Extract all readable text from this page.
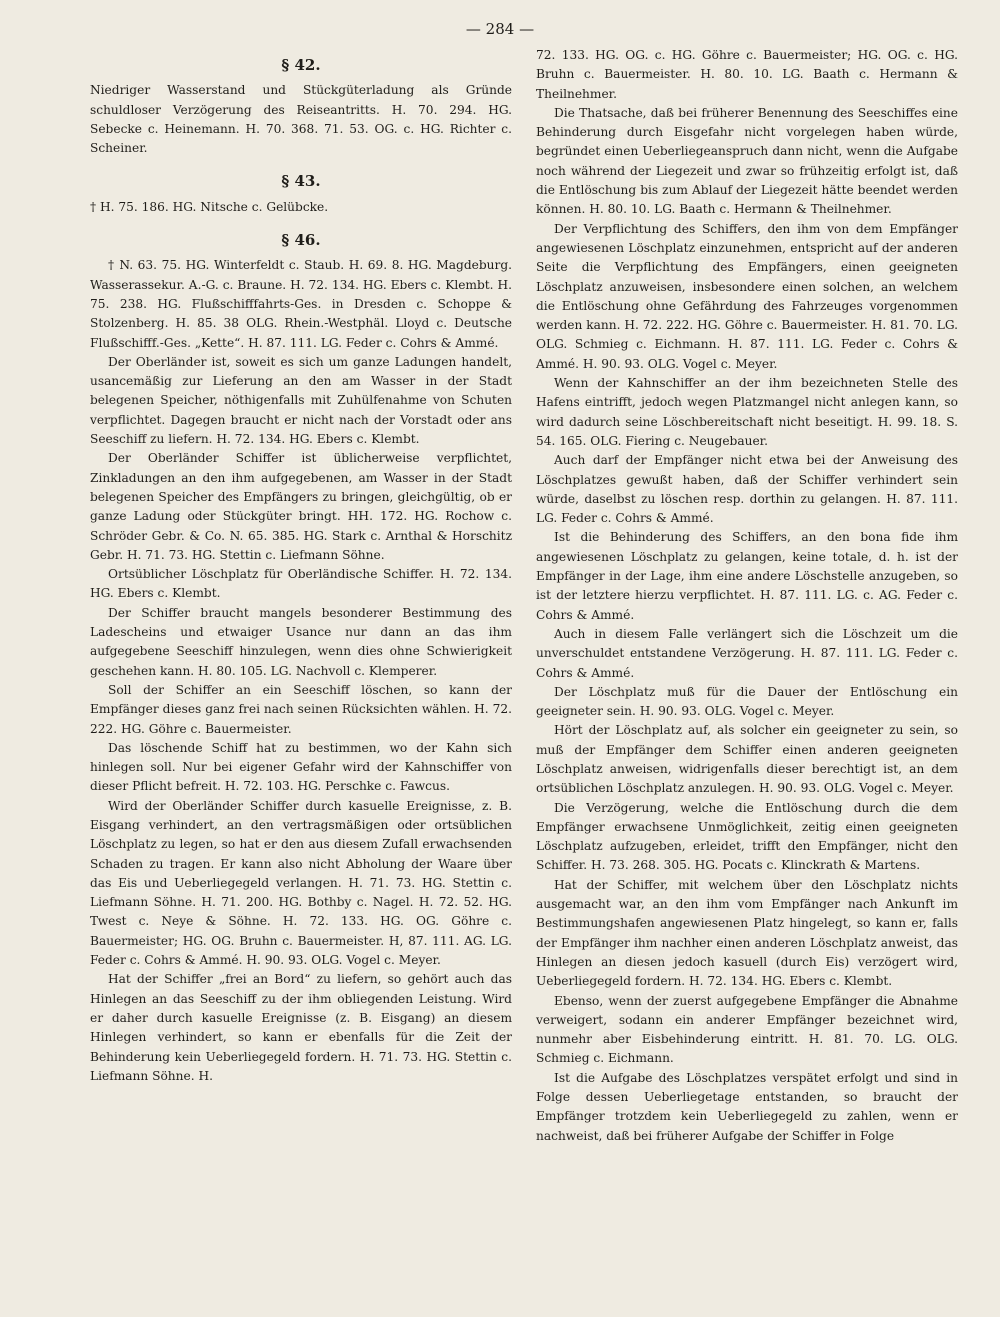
— 284 —
§ 42.

Niedriger Wasserstand und Stückgüterladung als Gründe schuldloser Verzögerung des Reiseantritts. H. 70. 294. HG. Sebecke c. Heinemann. H. 70. 368. 71. 53. OG. c. HG. Richter c. Scheiner.

§ 43.

† H. 75. 186. HG. Nitsche c. Gelübcke.

§ 46.

† N. 63. 75. HG. Winterfeldt c. Staub. H. 69. 8. HG. Magdeburg. Wasserassekur. A.-G. c. Braune. H. 72. 134. HG. Ebers c. Klembt. H. 75. 238. HG. Flußschifffahrts-Ges. in Dresden c. Schoppe & Stolzenberg. H. 85. 38 OLG. Rhein.-Westphäl. Lloyd c. Deutsche Flußschifff.-Ges. „Kette“. H. 87. 111. LG. Feder c. Cohrs & Ammé.

Der Oberländer ist, soweit es sich um ganze Ladungen handelt, usancemäßig zur Lieferung an den am Wasser in der Stadt belegenen Speicher, nöthigenfalls mit Zuhülfenahme von Schuten verpflichtet. Dagegen braucht er nicht nach der Vorstadt oder ans Seeschiff zu liefern. H. 72. 134. HG. Ebers c. Klembt.

Der Oberländer Schiffer ist üblicherweise verpflichtet, Zinkladungen an den ihm aufgegebenen, am Wasser in der Stadt belegenen Speicher des Empfängers zu bringen, gleichgültig, ob er ganze Ladung oder Stückgüter bringt. HH. 172. HG. Rochow c. Schröder Gebr. & Co. N. 65. 385. HG. Stark c. Arnthal & Horschitz Gebr. H. 71. 73. HG. Stettin c. Liefmann Söhne.

Ortsüblicher Löschplatz für Oberländische Schiffer. H. 72. 134. HG. Ebers c. Klembt.

Der Schiffer braucht mangels besonderer Bestimmung des Ladescheins und etwaiger Usance nur dann an das ihm aufgegebene Seeschiff hinzulegen, wenn dies ohne Schwierigkeit geschehen kann. H. 80. 105. LG. Nachvoll c. Klemperer.

Soll der Schiffer an ein Seeschiff löschen, so kann der Empfänger dieses ganz frei nach seinen Rücksichten wählen. H. 72. 222. HG. Göhre c. Bauermeister.

Das löschende Schiff hat zu bestimmen, wo der Kahn sich hinlegen soll. Nur bei eigener Gefahr wird der Kahnschiffer von dieser Pflicht befreit. H. 72. 103. HG. Perschke c. Fawcus.

Wird der Oberländer Schiffer durch kasuelle Ereignisse, z. B. Eisgang verhindert, an den vertragsmäßigen oder ortsüblichen Löschplatz zu legen, so hat er den aus diesem Zufall erwachsenden Schaden zu tragen. Er kann also nicht Abholung der Waare über das Eis und Ueberliegegeld verlangen. H. 71. 73. HG. Stettin c. Liefmann Söhne. H. 71. 200. HG. Bothby c. Nagel. H. 72. 52. HG. Twest c. Neye & Söhne. H. 72. 133. HG. OG. Göhre c. Bauermeister; HG. OG. Bruhn c. Bauermeister. H, 87. 111. AG. LG. Feder c. Cohrs & Ammé. H. 90. 93. OLG. Vogel c. Meyer.

Hat der Schiffer „frei an Bord“ zu liefern, so gehört auch das Hinlegen an das Seeschiff zu der ihm obliegenden Leistung. Wird er daher durch kasuelle Ereignisse (z. B. Eisgang) an diesem Hinlegen verhindert, so kann er ebenfalls für die Zeit der Behinderung kein Ueberliegegeld fordern. H. 71. 73. HG. Stettin c. Liefmann Söhne. H.

72. 133. HG. OG. c. HG. Göhre c. Bauermeister; HG. OG. c. HG. Bruhn c. Bauermeister. H. 80. 10. LG. Baath c. Hermann & Theilnehmer.

Die Thatsache, daß bei früherer Benennung des Seeschiffes eine Behinderung durch Eisgefahr nicht vorgelegen haben würde, begründet einen Ueberliegeanspruch dann nicht, wenn die Aufgabe noch während der Liegezeit und zwar so frühzeitig erfolgt ist, daß die Entlöschung bis zum Ablauf der Liegezeit hätte beendet werden können. H. 80. 10. LG. Baath c. Hermann & Theilnehmer.

Der Verpflichtung des Schiffers, den ihm von dem Empfänger angewiesenen Löschplatz einzunehmen, entspricht auf der anderen Seite die Verpflichtung des Empfängers, einen geeigneten Löschplatz anzuweisen, insbesondere einen solchen, an welchem die Entlöschung ohne Gefährdung des Fahrzeuges vorgenommen werden kann. H. 72. 222. HG. Göhre c. Bauermeister. H. 81. 70. LG. OLG. Schmieg c. Eichmann. H. 87. 111. LG. Feder c. Cohrs & Ammé. H. 90. 93. OLG. Vogel c. Meyer.

Wenn der Kahnschiffer an der ihm bezeichneten Stelle des Hafens eintrifft, jedoch wegen Platzmangel nicht anlegen kann, so wird dadurch seine Löschbereitschaft nicht beseitigt. H. 99. 18. S. 54. 165. OLG. Fiering c. Neugebauer.

Auch darf der Empfänger nicht etwa bei der Anweisung des Löschplatzes gewußt haben, daß der Schiffer verhindert sein würde, daselbst zu löschen resp. dorthin zu gelangen. H. 87. 111. LG. Feder c. Cohrs & Ammé.

Ist die Behinderung des Schiffers, an den bona fide ihm angewiesenen Löschplatz zu gelangen, keine totale, d. h. ist der Empfänger in der Lage, ihm eine andere Löschstelle anzugeben, so ist der letztere hierzu verpflichtet. H. 87. 111. LG. c. AG. Feder c. Cohrs & Ammé.

Auch in diesem Falle verlängert sich die Löschzeit um die unverschuldet entstandene Verzögerung. H. 87. 111. LG. Feder c. Cohrs & Ammé.

Der Löschplatz muß für die Dauer der Entlöschung ein geeigneter sein. H. 90. 93. OLG. Vogel c. Meyer.

Hört der Löschplatz auf, als solcher ein geeigneter zu sein, so muß der Empfänger dem Schiffer einen anderen geeigneten Löschplatz anweisen, widrigenfalls dieser berechtigt ist, an dem ortsüblichen Löschplatz anzulegen. H. 90. 93. OLG. Vogel c. Meyer.

Die Verzögerung, welche die Entlöschung durch die dem Empfänger erwachsene Unmöglichkeit, zeitig einen geeigneten Löschplatz aufzugeben, erleidet, trifft den Empfänger, nicht den Schiffer. H. 73. 268. 305. HG. Pocats c. Klinckrath & Martens.

Hat der Schiffer, mit welchem über den Löschplatz nichts ausgemacht war, an den ihm vom Empfänger nach Ankunft im Bestimmungshafen angewiesenen Platz hingelegt, so kann er, falls der Empfänger ihm nachher einen anderen Löschplatz anweist, das Hinlegen an diesen jedoch kasuell (durch Eis) verzögert wird, Ueberliegegeld fordern. H. 72. 134. HG. Ebers c. Klembt.

Ebenso, wenn der zuerst aufgegebene Empfänger die Abnahme verweigert, sodann ein anderer Empfänger bezeichnet wird, nunmehr aber Eisbehinderung eintritt. H. 81. 70. LG. OLG. Schmieg c. Eichmann.

Ist die Aufgabe des Löschplatzes verspätet erfolgt und sind in Folge dessen Ueberliegetage entstanden, so braucht der Empfänger trotzdem kein Ueberliegegeld zu zahlen, wenn er nachweist, daß bei früherer Aufgabe der Schiffer in Folge
